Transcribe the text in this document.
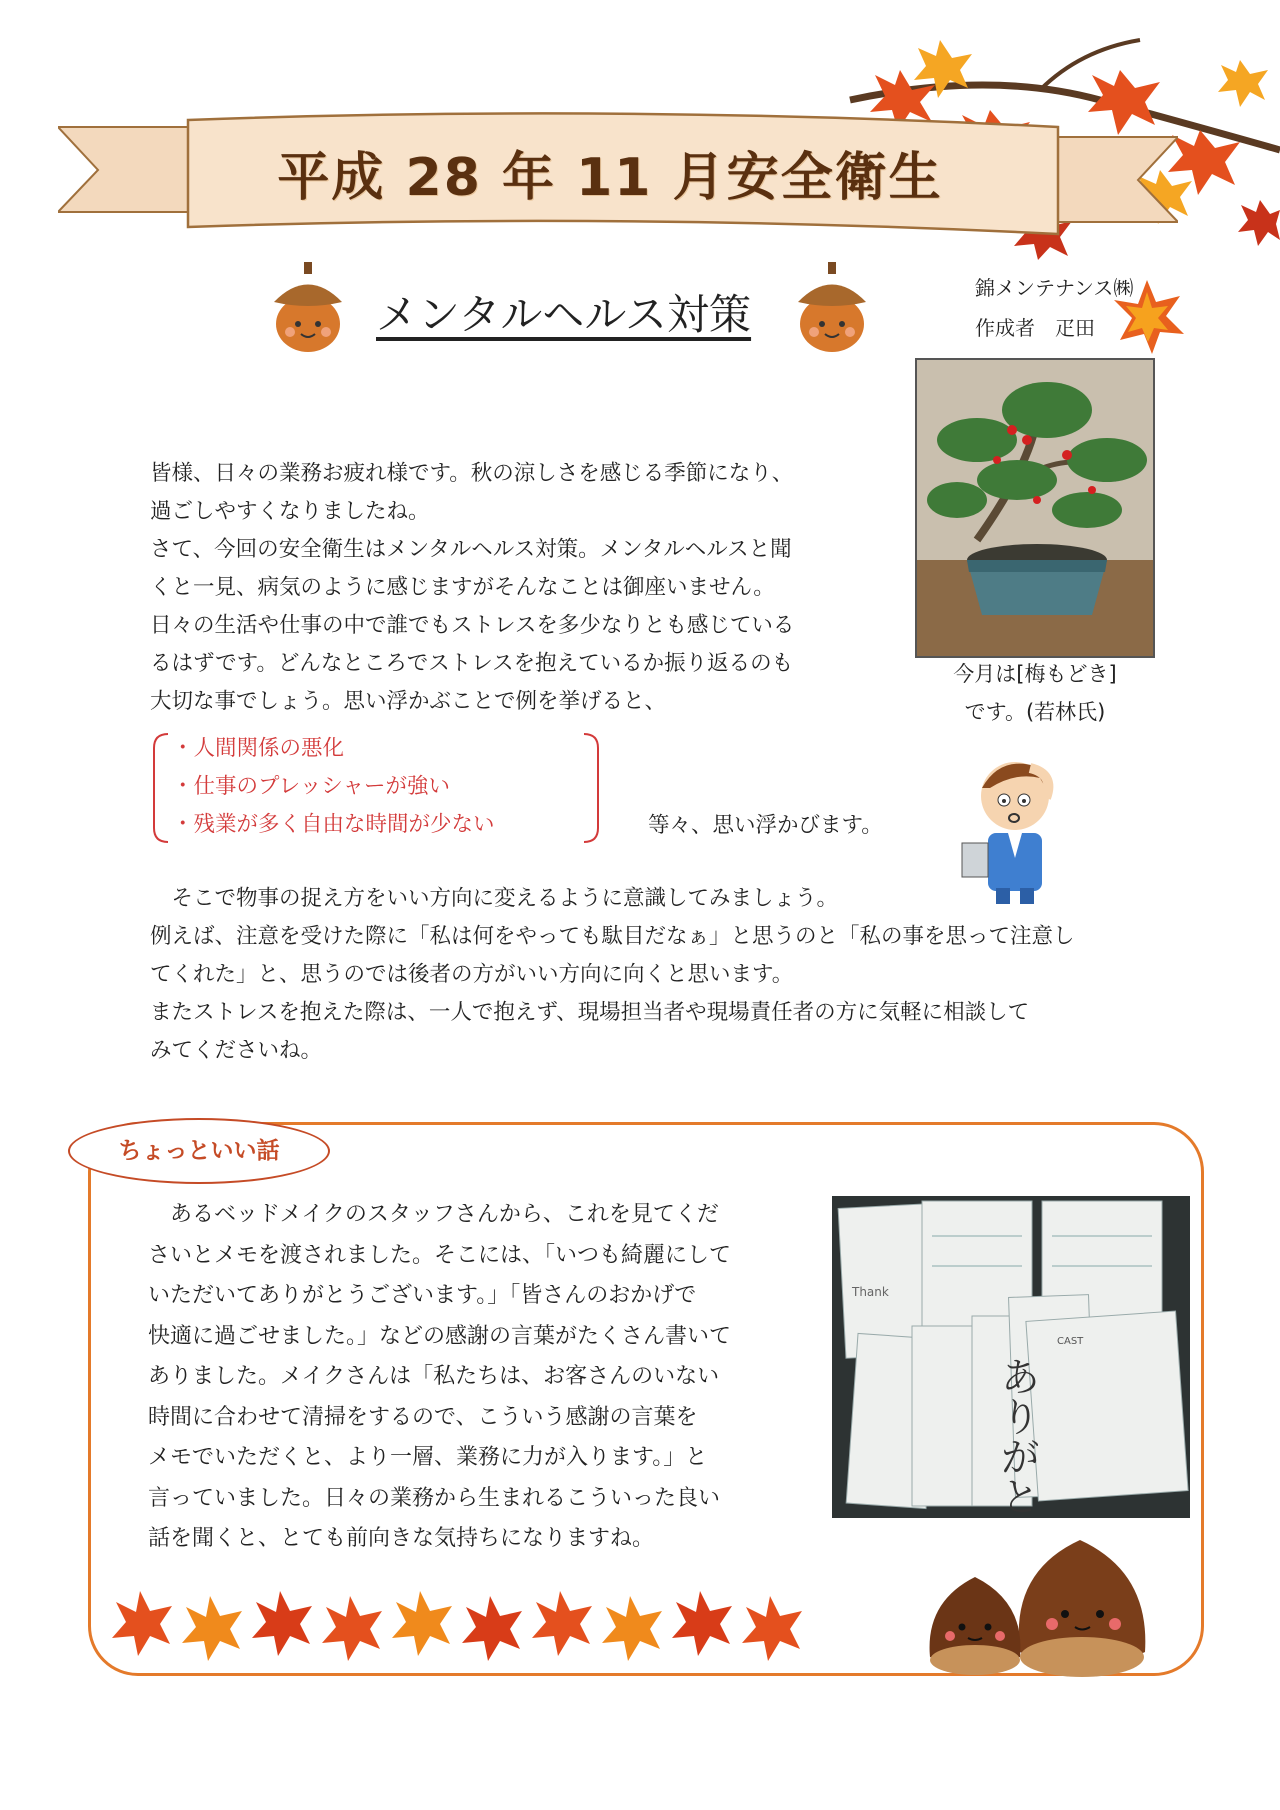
平成 28 年 11 月安全衛生
メンタルヘルス対策
錦メンテナンス㈱
作成者　疋田
今月は[梅もどき]
です。(若林氏)
皆様、日々の業務お疲れ様です。秋の涼しさを感じる季節になり、
過ごしやすくなりましたね。
さて、今回の安全衛生はメンタルヘルス対策。メンタルヘルスと聞
くと一見、病気のように感じますがそんなことは御座いません。
日々の生活や仕事の中で誰でもストレスを多少なりとも感じている
るはずです。どんなところでストレスを抱えているか振り返るのも
大切な事でしょう。思い浮かぶことで例を挙げると、
・人間関係の悪化
・仕事のプレッシャーが強い
・残業が多く自由な時間が少ない	等々、思い浮かびます。
　そこで物事の捉え方をいい方向に変えるように意識してみましょう。
例えば、注意を受けた際に「私は何をやっても駄目だなぁ」と思うのと「私の事を思って注意し
てくれた」と、思うのでは後者の方がいい方向に向くと思います。
またストレスを抱えた際は、一人で抱えず、現場担当者や現場責任者の方に気軽に相談して
みてくださいね。
ちょっといい話
　あるベッドメイクのスタッフさんから、これを見てくだ
さいとメモを渡されました。そこには、「いつも綺麗にして
いただいてありがとうございます。」「皆さんのおかげで
快適に過ごせました。」などの感謝の言葉がたくさん書いて
ありました。メイクさんは「私たちは、お客さんのいない
時間に合わせて清掃をするので、こういう感謝の言葉を
メモでいただくと、より一層、業務に力が入ります。」と
言っていました。日々の業務から生まれるこういった良い
話を聞くと、とても前向きな気持ちになりますね。
CAST
Thank
ありがと
